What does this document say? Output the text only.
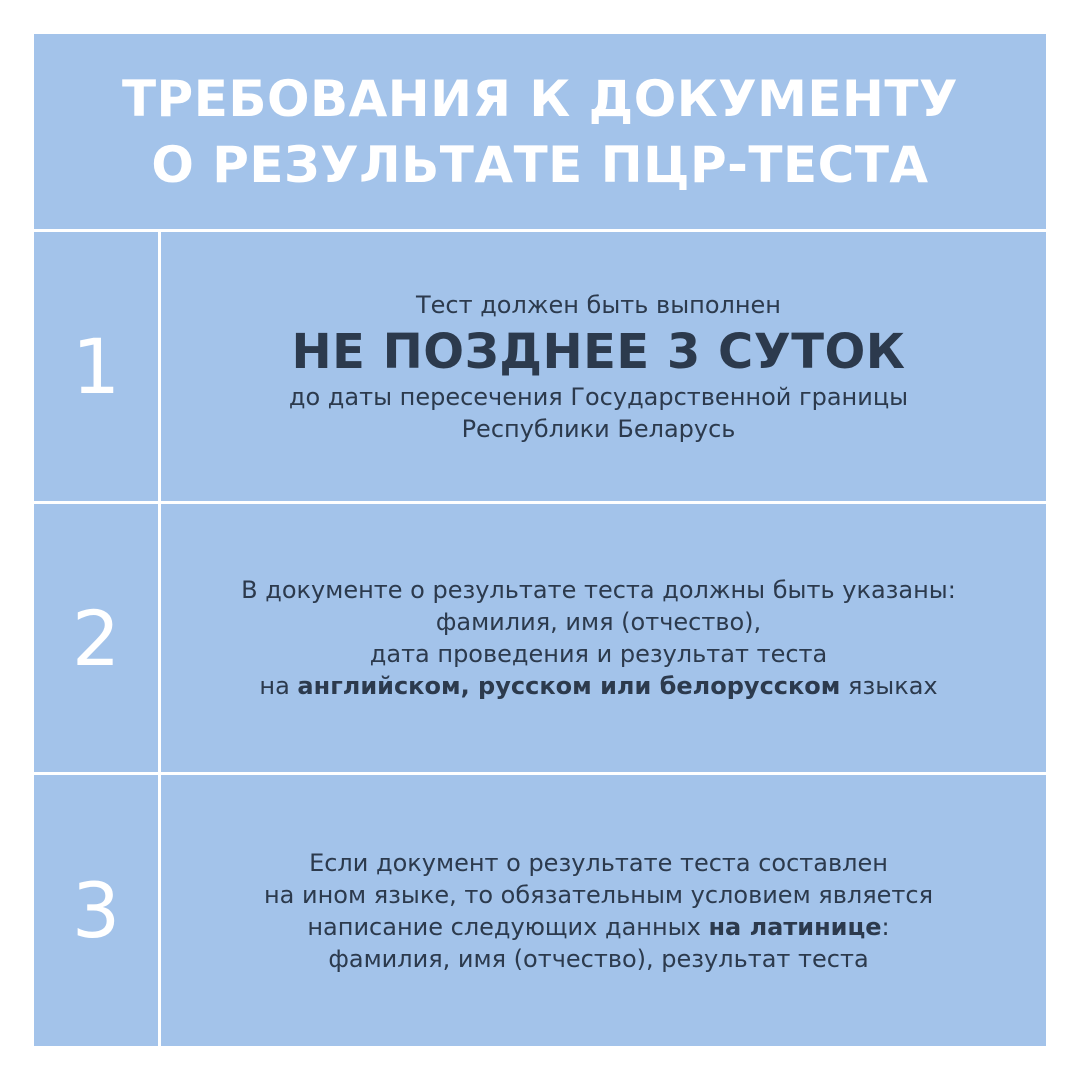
ТРЕБОВАНИЯ К ДОКУМЕНТУ
О РЕЗУЛЬТАТЕ ПЦР-ТЕСТА
1
Тест должен быть выполнен
НЕ ПОЗДНЕЕ 3 СУТОК
до даты пересечения Государственной границы
Республики Беларусь
2
В документе о результате теста должны быть указаны:
фамилия, имя (отчество),
дата проведения и результат теста
на английском, русском или белорусском языках
3
Если документ о результате теста составлен
на ином языке, то обязательным условием является
написание следующих данных на латинице:
фамилия, имя (отчество), результат теста
